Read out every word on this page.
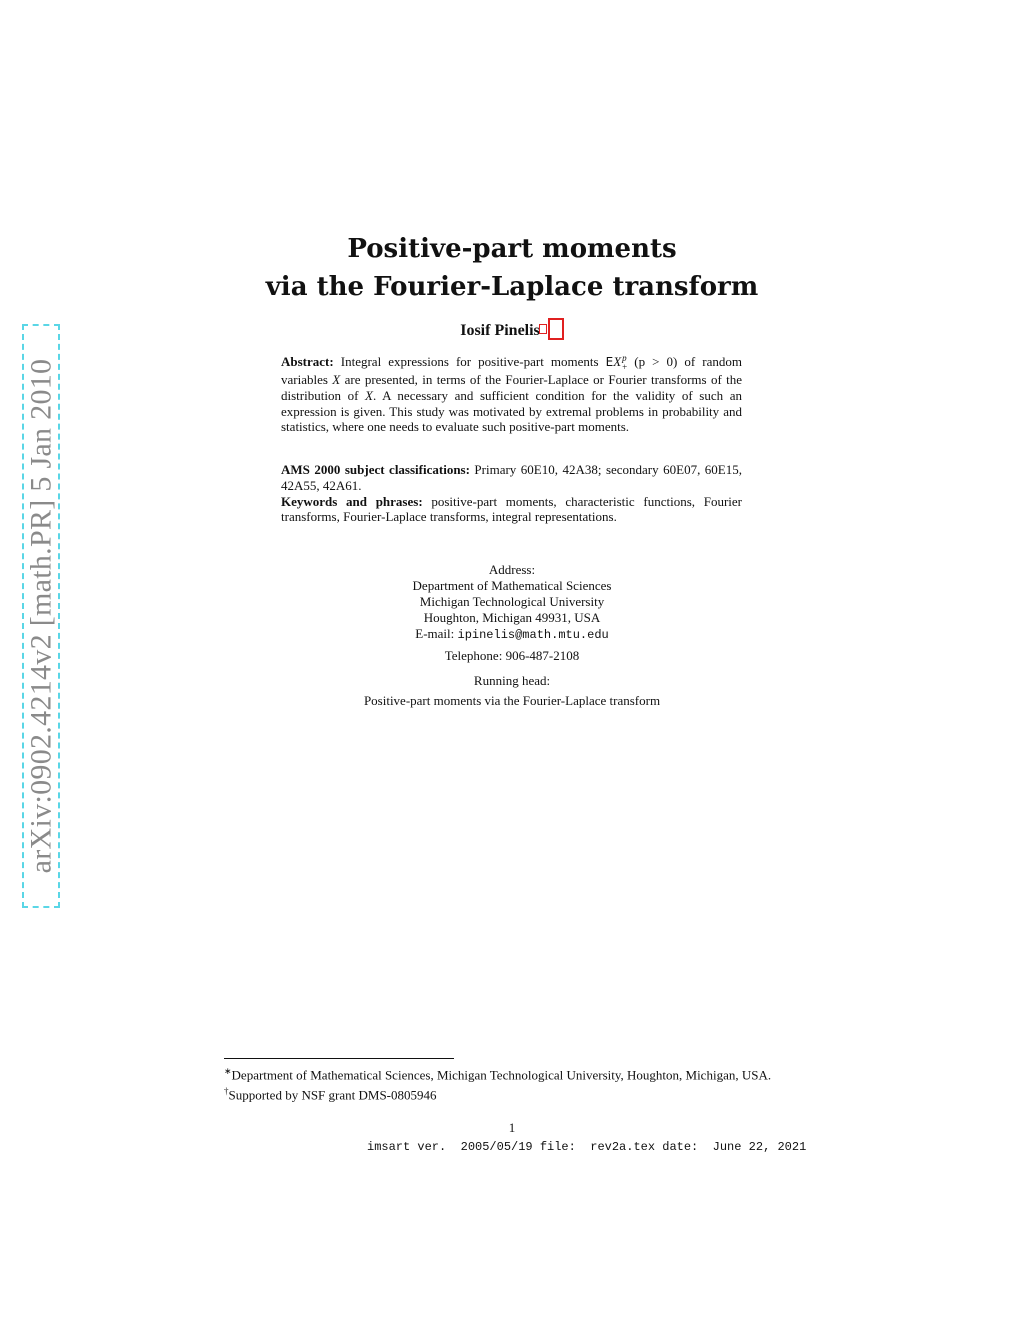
arXiv:0902.4214v2 [math.PR] 5 Jan 2010
Positive-part moments
via the Fourier-Laplace transform
Iosif Pinelis
Abstract: Integral expressions for positive-part moments EX p
+ (p > 0) of random variables X are presented, in terms of the Fourier-Laplace or Fourier transforms of the distribution of X. A necessary and sufficient condition for the validity of such an expression is given. This study was motivated by extremal problems in probability and statistics, where one needs to evaluate such positive-part moments.
AMS 2000 subject classifications: Primary 60E10, 42A38; secondary 60E07, 60E15, 42A55, 42A61.
Keywords and phrases: positive-part moments, characteristic functions, Fourier transforms, Fourier-Laplace transforms, integral representations.
Address:
Department of Mathematical Sciences
Michigan Technological University
Houghton, Michigan 49931, USA
E-mail: ipinelis@math.mtu.edu
Telephone: 906-487-2108
Running head:
Positive-part moments via the Fourier-Laplace transform
∗Department of Mathematical Sciences, Michigan Technological University, Houghton, Michigan, USA.
†Supported by NSF grant DMS-0805946
1
imsart ver.  2005/05/19 file:  rev2a.tex date:  June 22, 2021
